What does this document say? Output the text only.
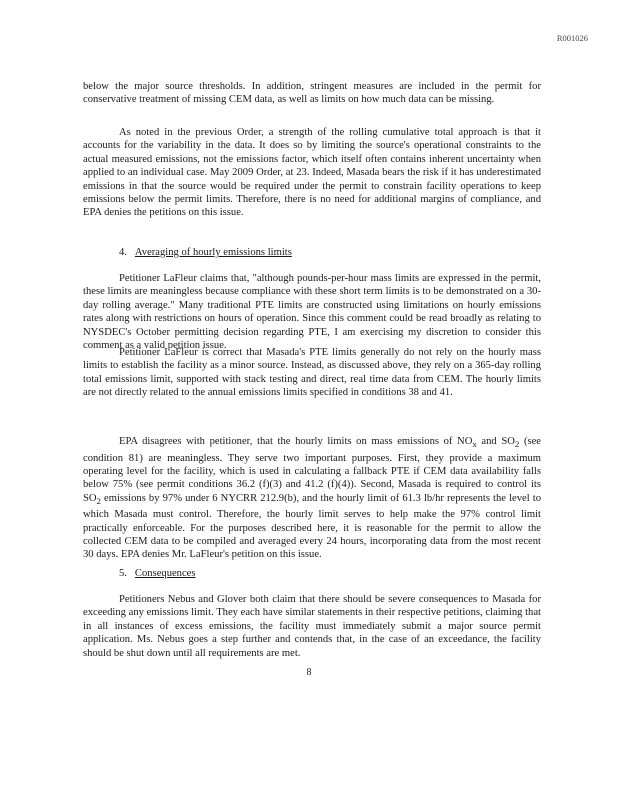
R001026

below the major source thresholds. In addition, stringent measures are included in the permit for conservative treatment of missing CEM data, as well as limits on how much data can be missing.

As noted in the previous Order, a strength of the rolling cumulative total approach is that it accounts for the variability in the data. It does so by limiting the source's operational constraints to the actual measured emissions, not the emissions factor, which itself often contains inherent uncertainty when applied to an individual case. May 2009 Order, at 23. Indeed, Masada bears the risk if it has underestimated emissions in that the source would be required under the permit to constrain facility operations to keep emissions below the permit limits. Therefore, there is no need for additional margins of compliance, and EPA denies the petitions on this issue.

4. Averaging of hourly emissions limits

Petitioner LaFleur claims that, "although pounds-per-hour mass limits are expressed in the permit, these limits are meaningless because compliance with these short term limits is to be demonstrated on a 30-day rolling average." Many traditional PTE limits are constructed using limitations on hourly emissions rates along with restrictions on hours of operation. Since this comment could be read broadly as relating to NYSDEC's October permitting decision regarding PTE, I am exercising my discretion to consider this comment as a valid petition issue.

Petitioner LaFleur is correct that Masada's PTE limits generally do not rely on the hourly mass limits to establish the facility as a minor source. Instead, as discussed above, they rely on a 365-day rolling total emissions limit, supported with stack testing and direct, real time data from CEM. The hourly limits are not directly related to the annual emissions limits specified in conditions 38 and 41.

EPA disagrees with petitioner, that the hourly limits on mass emissions of $NO_x$ and $SO_2$ (see condition 81) are meaningless. They serve two important purposes. First, they provide a maximum operating level for the facility, which is used in calculating a fallback PTE if CEM data availability falls below 75% (see permit conditions 36.2 (f)(3) and 41.2 (f)(4)). Second, Masada is required to control its $SO_2$ emissions by 97% under 6 NYCRR 212.9(b), and the hourly limit of 61.3 lb/hr represents the level to which Masada must control. Therefore, the hourly limit serves to help make the 97% control limit practically enforceable. For the purposes described here, it is reasonable for the permit to allow the collected CEM data to be compiled and averaged every 24 hours, incorporating data from the most recent 30 days. EPA denies Mr. LaFleur's petition on this issue.

5. Consequences

Petitioners Nebus and Glover both claim that there should be severe consequences to Masada for exceeding any emissions limit. They each have similar statements in their respective petitions, claiming that in all instances of excess emissions, the facility must immediately submit a major source permit application. Ms. Nebus goes a step further and contends that, in the case of an exceedance, the facility should be shut down until all requirements are met.

8
